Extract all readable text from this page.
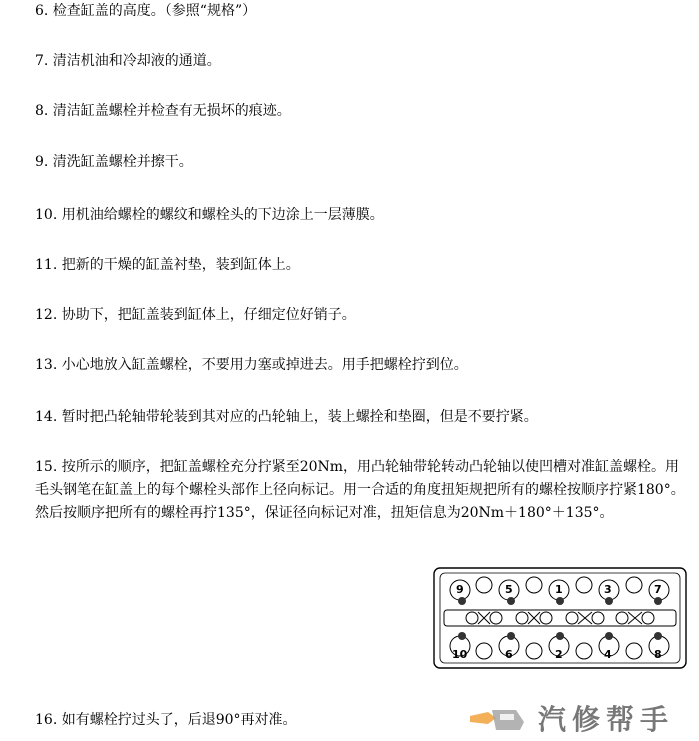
6. 检查缸盖的高度。（参照“规格”）
7. 清洁机油和冷却液的通道。
8. 清洁缸盖螺栓并检查有无损坏的痕迹。
9. 清洗缸盖螺栓并擦干。
10. 用机油给螺栓的螺纹和螺栓头的下边涂上一层薄膜。
11. 把新的干燥的缸盖衬垫，装到缸体上。
12. 协助下，把缸盖装到缸体上，仔细定位好销子。
13. 小心地放入缸盖螺栓，不要用力塞或掉进去。用手把螺栓拧到位。
14. 暂时把凸轮轴带轮装到其对应的凸轮轴上，装上螺拴和垫圈，但是不要拧紧。
15. 按所示的顺序，把缸盖螺栓充分拧紧至20Nm，用凸轮轴带轮转动凸轮轴以使凹槽对准缸盖螺栓。用毛头钢笔在缸盖上的每个螺栓头部作上径向标记。用一合适的角度扭矩规把所有的螺栓按顺序拧紧180°。然后按顺序把所有的螺栓再拧135°，保证径向标记对准，扭矩信息为20Nm＋180°＋135°。
9	5	1	3	7
10	6	2	4	8
16. 如有螺栓拧过头了，后退90°再对准。	汽修帮手
